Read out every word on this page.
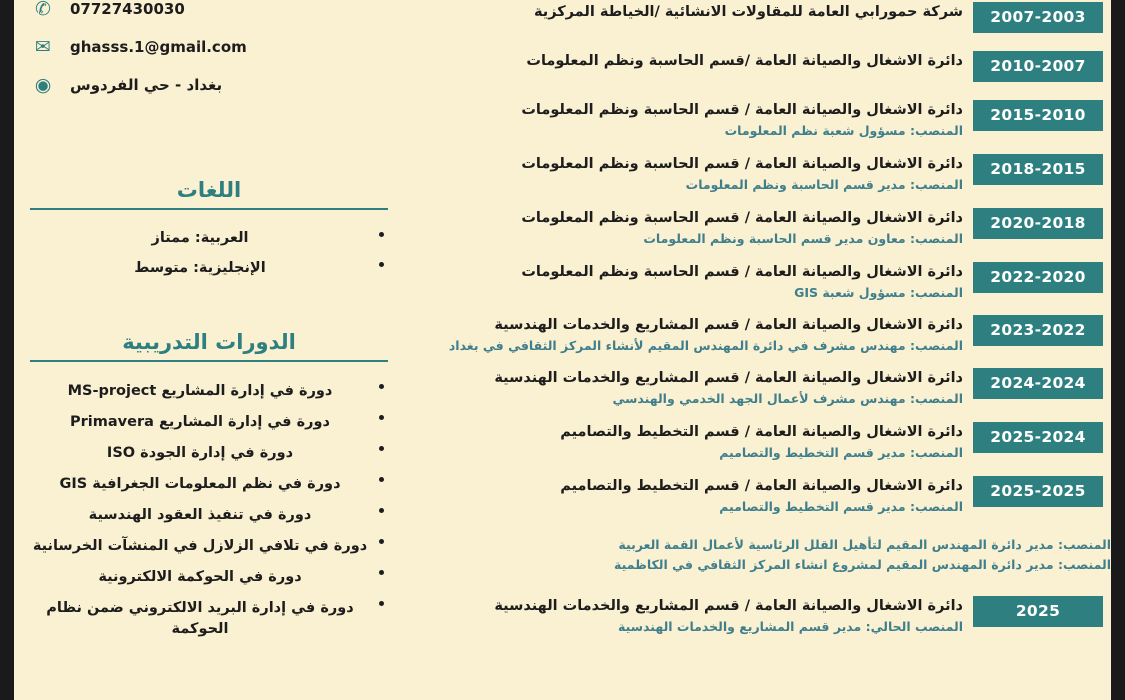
2007-2003
شركة حمورابي العامة للمقاولات الانشائية /الخياطة المركزية
2010-2007
دائرة الاشغال والصيانة العامة /قسم الحاسبة ونظم المعلومات
2015-2010
دائرة الاشغال والصيانة العامة / قسم الحاسبة ونظم المعلومات
المنصب: مسؤول شعبة نظم المعلومات
2018-2015
دائرة الاشغال والصيانة العامة / قسم الحاسبة ونظم المعلومات
المنصب: مدير قسم الحاسبة ونظم المعلومات
2020-2018
دائرة الاشغال والصيانة العامة / قسم الحاسبة ونظم المعلومات
المنصب: معاون مدير قسم الحاسبة ونظم المعلومات
2022-2020
دائرة الاشغال والصيانة العامة / قسم الحاسبة ونظم المعلومات
المنصب: مسؤول شعبة GIS
2023-2022
دائرة الاشغال والصيانة العامة / قسم المشاريع والخدمات الهندسية
المنصب: مهندس مشرف في دائرة المهندس المقيم لأنشاء المركز الثقافي في بغداد
2024-2024
دائرة الاشغال والصيانة العامة / قسم المشاريع والخدمات الهندسية
المنصب: مهندس مشرف لأعمال الجهد الخدمي والهندسي
2025-2024
دائرة الاشغال والصيانة العامة / قسم التخطيط والتصاميم
المنصب: مدير قسم التخطيط والتصاميم
2025-2025
دائرة الاشغال والصيانة العامة / قسم التخطيط والتصاميم
المنصب: مدير قسم التخطيط والتصاميم
المنصب: مدير دائرة المهندس المقيم لتأهيل القلل الرئاسية لأعمال القمة العربية
المنصب: مدير دائرة المهندس المقيم لمشروع انشاء المركز الثقافي في الكاظمية
2025
دائرة الاشغال والصيانة العامة / قسم المشاريع والخدمات الهندسية
المنصب الحالي: مدير قسم المشاريع والخدمات الهندسية
✆	07727430030
✉	ghasss.1@gmail.com
◉	بغداد - حي الفردوس
اللغات
العربية: ممتاز
الإنجليزية: متوسط
الدورات التدريبية
دورة في إدارة المشاريع MS-project
دورة في إدارة المشاريع Primavera
دورة في إدارة الجودة ISO
دورة في نظم المعلومات الجغرافية GIS
دورة في تنفيذ العقود الهندسية
دورة في تلافي الزلازل في المنشآت الخرسانية
دورة في الحوكمة الالكترونية
دورة في إدارة البريد الالكتروني ضمن نظام الحوكمة
